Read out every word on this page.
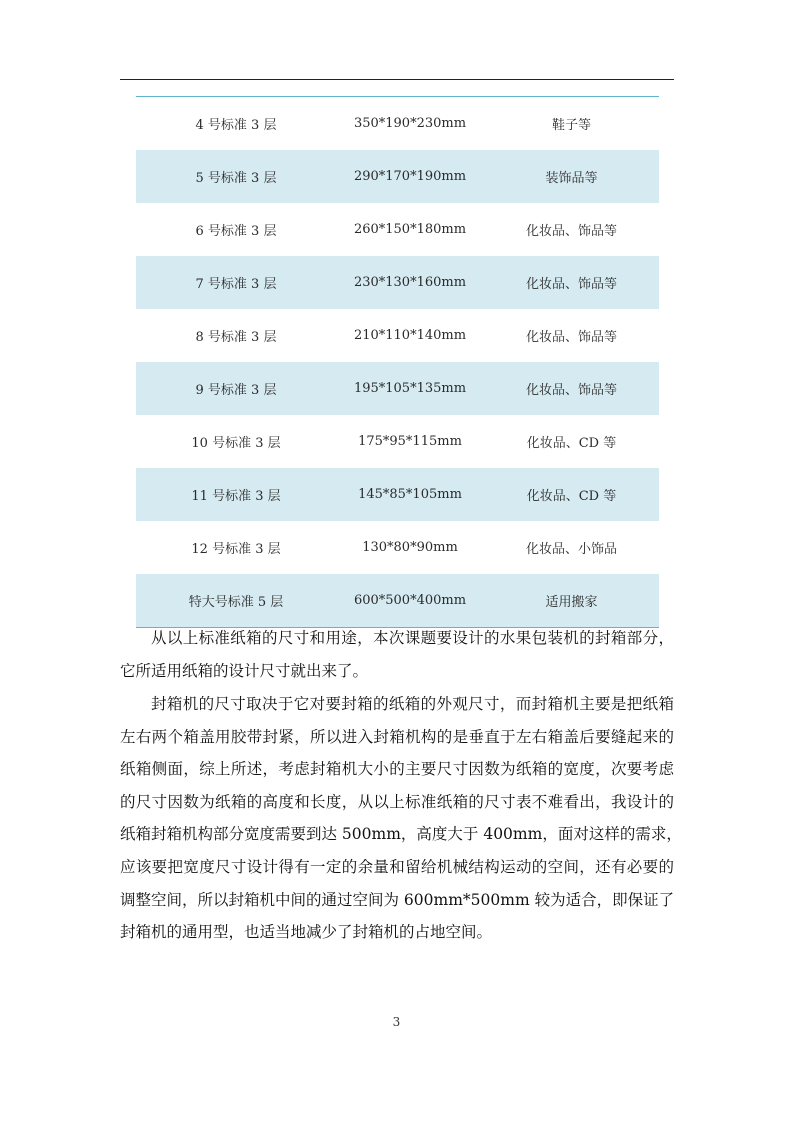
4 号标准 3 层	350*190*230mm	鞋子等
5 号标准 3 层	290*170*190mm	装饰品等
6 号标准 3 层	260*150*180mm	化妆品、饰品等
7 号标准 3 层	230*130*160mm	化妆品、饰品等
8 号标准 3 层	210*110*140mm	化妆品、饰品等
9 号标准 3 层	195*105*135mm	化妆品、饰品等
10 号标准 3 层	175*95*115mm	化妆品、CD 等
11 号标准 3 层	145*85*105mm	化妆品、CD 等
12 号标准 3 层	130*80*90mm	化妆品、小饰品
特大号标准 5 层	600*500*400mm	适用搬家
从以上标准纸箱的尺寸和用途，本次课题要设计的水果包装机的封箱部分，
它所适用纸箱的设计尺寸就出来了。
封箱机的尺寸取决于它对要封箱的纸箱的外观尺寸，而封箱机主要是把纸箱
左右两个箱盖用胶带封紧，所以进入封箱机构的是垂直于左右箱盖后要缝起来的
纸箱侧面，综上所述，考虑封箱机大小的主要尺寸因数为纸箱的宽度，次要考虑
的尺寸因数为纸箱的高度和长度，从以上标准纸箱的尺寸表不难看出，我设计的
纸箱封箱机构部分宽度需要到达 500mm，高度大于 400mm，面对这样的需求，
应该要把宽度尺寸设计得有一定的余量和留给机械结构运动的空间，还有必要的
调整空间，所以封箱机中间的通过空间为 600mm*500mm 较为适合，即保证了
封箱机的通用型，也适当地减少了封箱机的占地空间。
3
